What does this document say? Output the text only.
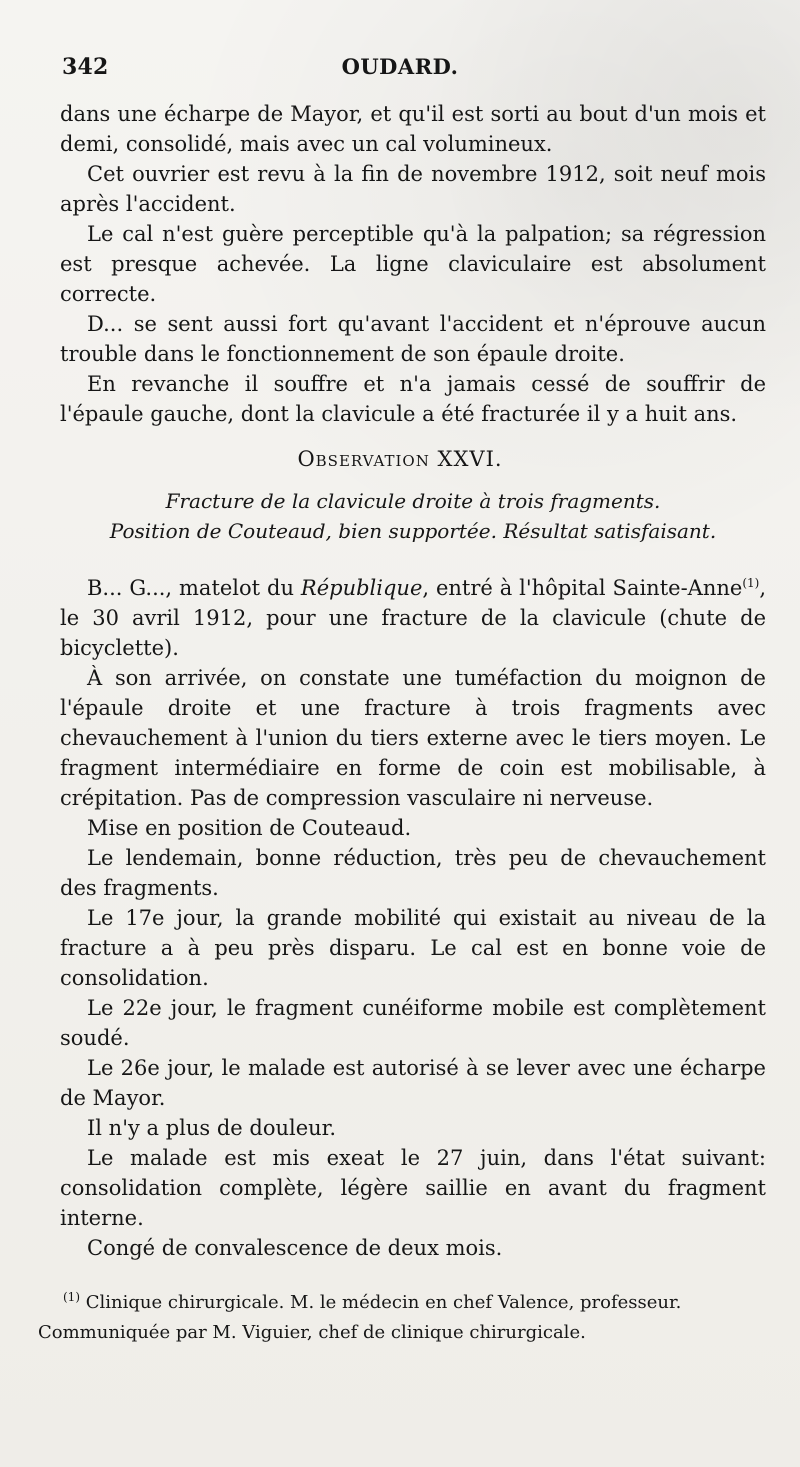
342	OUDARD.

dans une écharpe de Mayor, et qu'il est sorti au bout d'un mois et demi, consolidé, mais avec un cal volumineux.

Cet ouvrier est revu à la fin de novembre 1912, soit neuf mois après l'accident.

Le cal n'est guère perceptible qu'à la palpation; sa régression est presque achevée. La ligne claviculaire est absolument correcte.

D... se sent aussi fort qu'avant l'accident et n'éprouve aucun trouble dans le fonctionnement de son épaule droite.

En revanche il souffre et n'a jamais cessé de souffrir de l'épaule gauche, dont la clavicule a été fracturée il y a huit ans.

Observation XXVI.
Fracture de la clavicule droite à trois fragments.
Position de Couteaud, bien supportée. Résultat satisfaisant.

B... G..., matelot du République, entré à l'hôpital Sainte-Anne$^{(1)}$, le 30 avril 1912, pour une fracture de la clavicule (chute de bicyclette).

À son arrivée, on constate une tuméfaction du moignon de l'épaule droite et une fracture à trois fragments avec chevauchement à l'union du tiers externe avec le tiers moyen. Le fragment intermédiaire en forme de coin est mobilisable, à crépitation. Pas de compression vasculaire ni nerveuse.

Mise en position de Couteaud.

Le lendemain, bonne réduction, très peu de chevauchement des fragments.

Le 17e jour, la grande mobilité qui existait au niveau de la fracture a à peu près disparu. Le cal est en bonne voie de consolidation.

Le 22e jour, le fragment cunéiforme mobile est complètement soudé.

Le 26e jour, le malade est autorisé à se lever avec une écharpe de Mayor.

Il n'y a plus de douleur.

Le malade est mis exeat le 27 juin, dans l'état suivant: consolidation complète, légère saillie en avant du fragment interne.

Congé de convalescence de deux mois.

$^{(1)}$ Clinique chirurgicale. M. le médecin en chef Valence, professeur.

Communiquée par M. Viguier, chef de clinique chirurgicale.
